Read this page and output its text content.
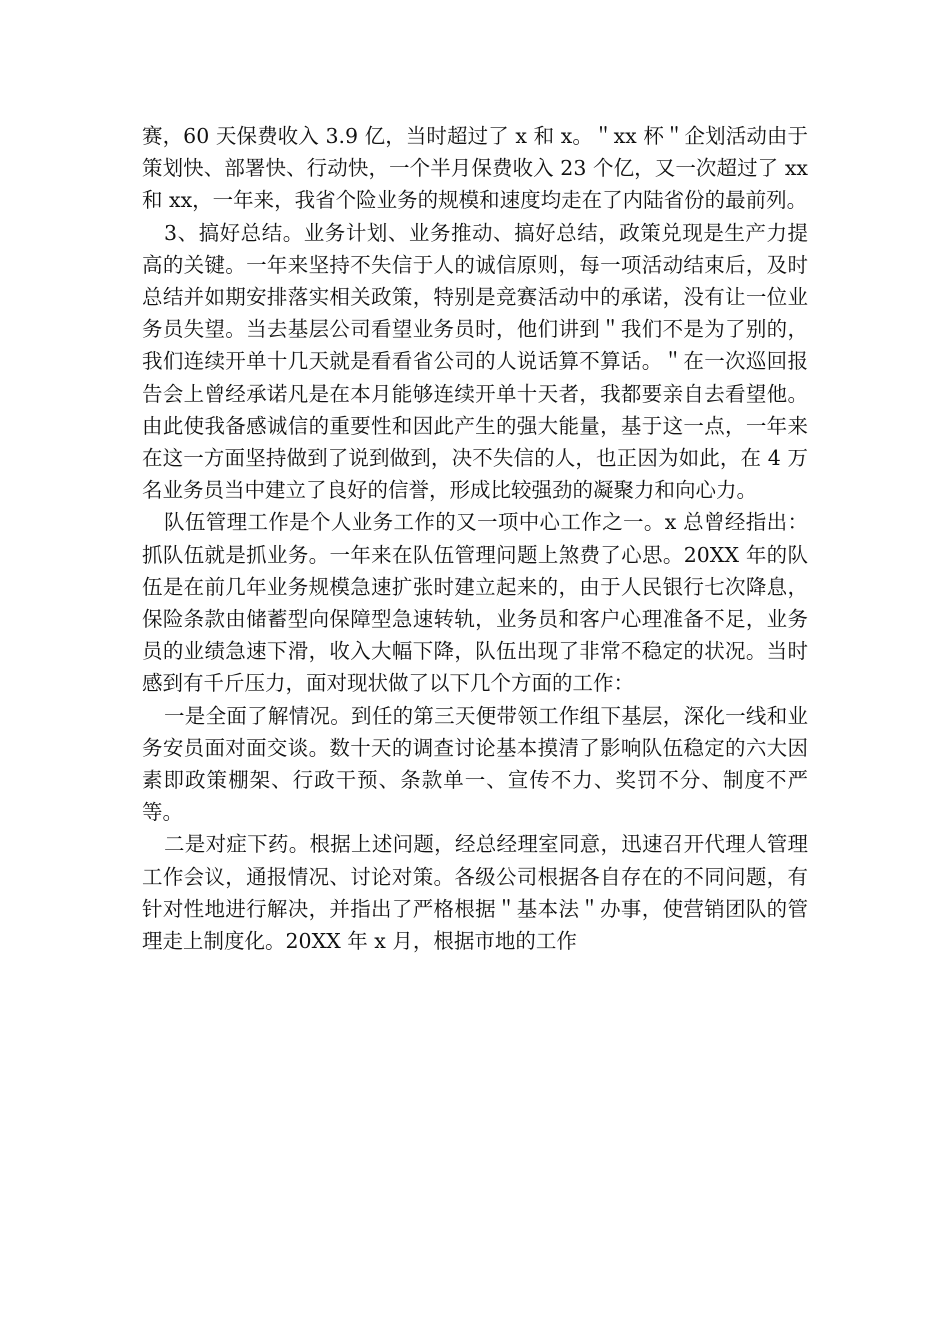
赛，60 天保费收入 3.9 亿，当时超过了 x 和 x。＂xx 杯＂企划活动由于策划快、部署快、行动快，一个半月保费收入 23 个亿，又一次超过了 xx 和 xx，一年来，我省个险业务的规模和速度均走在了内陆省份的最前列。

3、搞好总结。业务计划、业务推动、搞好总结，政策兑现是生产力提高的关键。一年来坚持不失信于人的诚信原则，每一项活动结束后，及时总结并如期安排落实相关政策，特别是竞赛活动中的承诺，没有让一位业务员失望。当去基层公司看望业务员时，他们讲到＂我们不是为了别的，我们连续开单十几天就是看看省公司的人说话算不算话。＂在一次巡回报告会上曾经承诺凡是在本月能够连续开单十天者，我都要亲自去看望他。由此使我备感诚信的重要性和因此产生的强大能量，基于这一点，一年来在这一方面坚持做到了说到做到，决不失信的人，也正因为如此，在 4 万名业务员当中建立了良好的信誉，形成比较强劲的凝聚力和向心力。

队伍管理工作是个人业务工作的又一项中心工作之一。x 总曾经指出：抓队伍就是抓业务。一年来在队伍管理问题上煞费了心思。20XX 年的队伍是在前几年业务规模急速扩张时建立起来的，由于人民银行七次降息，保险条款由储蓄型向保障型急速转轨，业务员和客户心理准备不足，业务员的业绩急速下滑，收入大幅下降，队伍出现了非常不稳定的状况。当时感到有千斤压力，面对现状做了以下几个方面的工作：

一是全面了解情况。到任的第三天便带领工作组下基层，深化一线和业务安员面对面交谈。数十天的调查讨论基本摸清了影响队伍稳定的六大因素即政策棚架、行政干预、条款单一、宣传不力、奖罚不分、制度不严等。

二是对症下药。根据上述问题，经总经理室同意，迅速召开代理人管理工作会议，通报情况、讨论对策。各级公司根据各自存在的不同问题，有针对性地进行解决，并指出了严格根据＂基本法＂办事，使营销团队的管理走上制度化。20XX 年 x 月，根据市地的工作
